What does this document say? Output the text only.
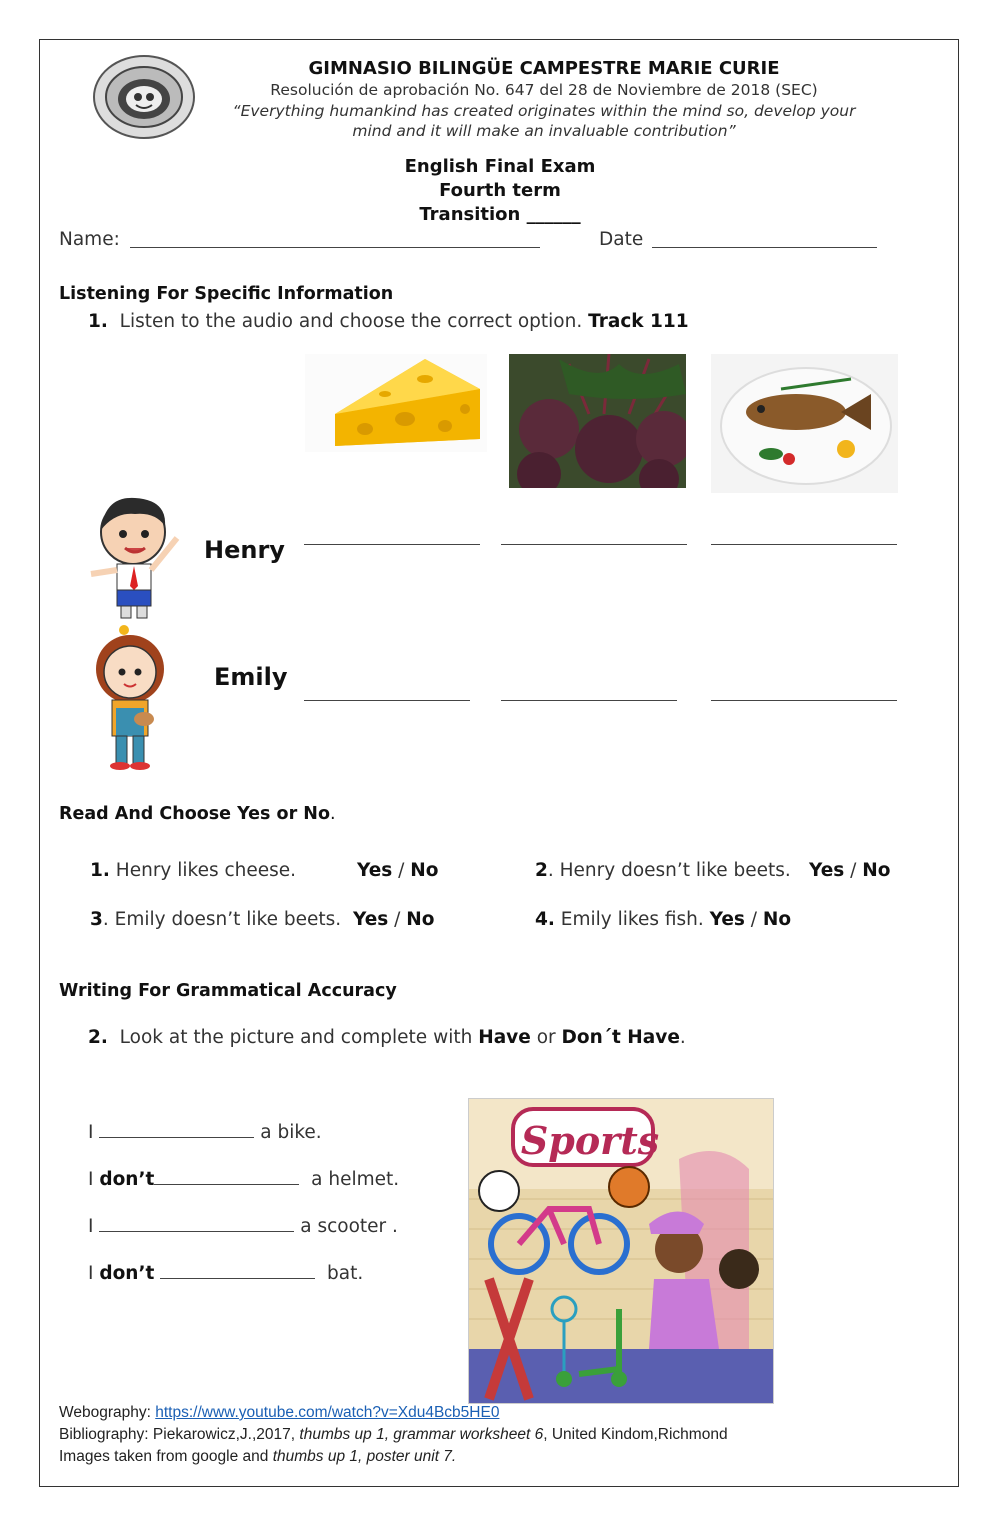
GIMNASIO BILINGÜE CAMPESTRE MARIE CURIE
Resolución de aprobación No. 647 del 28 de Noviembre de 2018 (SEC)
“Everything humankind has created originates within the mind so, develop your
mind and it will make an invaluable contribution”
English Final Exam
Fourth term
Transition ______
Name:	Date
Listening For Specific Information
1. Listen to the audio and choose the correct option. Track 111
Henry
Emily
Read And Choose Yes or No.
1. Henry likes cheese.	Yes / No	2. Henry doesn’t like beets. Yes / No
3. Emily doesn’t like beets. Yes / No	4. Emily likes fish. Yes / No
Writing For Grammatical Accuracy
2. Look at the picture and complete with Have or Don´t Have.
I	a bike.
I don’t	a helmet.
I	a scooter .
I don’t	bat.
Sports
Webography: https://www.youtube.com/watch?v=Xdu4Bcb5HE0
Bibliography: Piekarowicz,J.,2017, thumbs up 1, grammar worksheet 6, United Kindom,Richmond
Images taken from google and thumbs up 1, poster unit 7.
